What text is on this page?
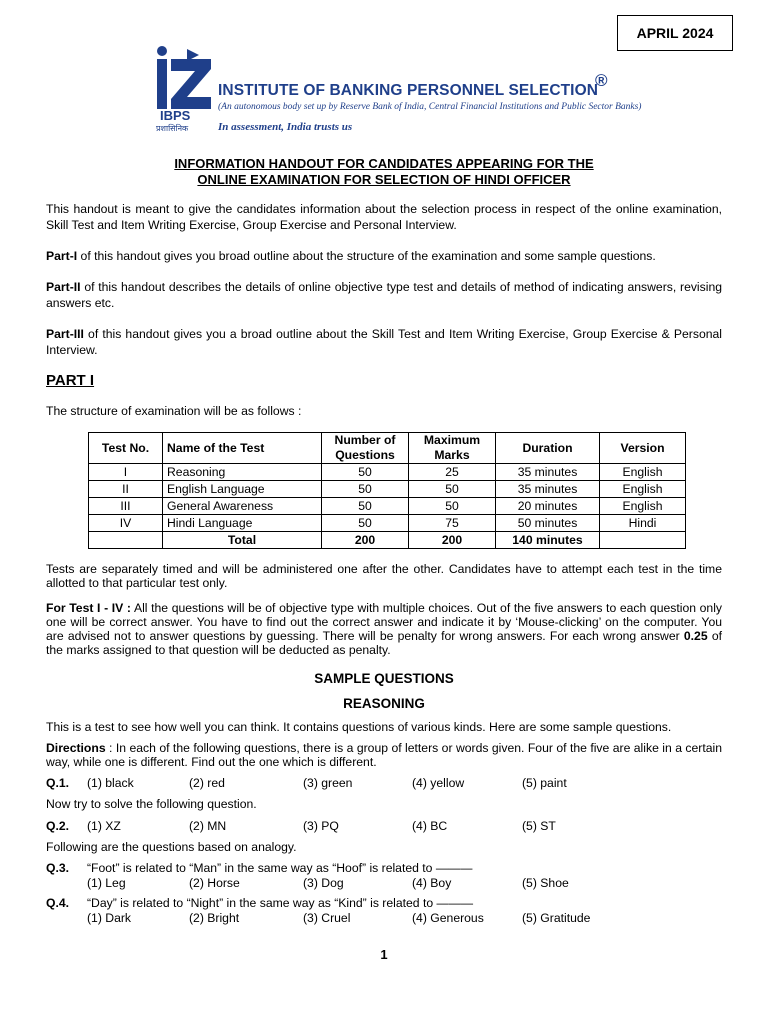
APRIL 2024
IBPS
प्रशासिनिक
INSTITUTE OF BANKING PERSONNEL SELECTION
®
(An autonomous body set up by Reserve Bank of India, Central Financial Institutions and Public Sector Banks)
In assessment, India trusts us
INFORMATION HANDOUT FOR CANDIDATES APPEARING FOR THE
ONLINE EXAMINATION FOR SELECTION OF HINDI OFFICER
This handout is meant to give the candidates information about the selection process in respect of the online examination, Skill Test and Item Writing Exercise, Group Exercise and Personal Interview.
Part-I of this handout gives you broad outline about the structure of the examination and some sample questions.
Part-II of this handout describes the details of online objective type test and details of method of indicating answers, revising answers etc.
Part-III of this handout gives you a broad outline about the Skill Test and Item Writing Exercise, Group Exercise & Personal Interview.
PART I
The structure of examination will be as follows :
Test No.	Name of the Test	Number of Questions	Maximum Marks	Duration	Version
I	Reasoning	50	25	35 minutes	English
II	English Language	50	50	35 minutes	English
III	General Awareness	50	50	20 minutes	English
IV	Hindi Language	50	75	50 minutes	Hindi
	Total	200	200	140 minutes	
Tests are separately timed and will be administered one after the other. Candidates have to attempt each test in the time allotted to that particular test only.
For Test I - IV : All the questions will be of objective type with multiple choices. Out of the five answers to each question only one will be correct answer. You have to find out the correct answer and indicate it by ‘Mouse-clicking’ on the computer. You are advised not to answer questions by guessing. There will be penalty for wrong answers. For each wrong answer 0.25 of the marks assigned to that question will be deducted as penalty.
SAMPLE QUESTIONS
REASONING
This is a test to see how well you can think. It contains questions of various kinds. Here are some sample questions.
Directions : In each of the following questions, there is a group of letters or words given. Four of the five are alike in a certain way, while one is different. Find out the one which is different.
Q.1. (1) black	(2) red	(3) green	(4) yellow	(5) paint
Now try to solve the following question.
Q.2. (1) XZ	(2) MN	(3) PQ	(4) BC	(5) ST
Following are the questions based on analogy.
Q.3. “Foot” is related to “Man” in the same way as “Hoof” is related to ———
(1) Leg	(2) Horse	(3) Dog	(4) Boy	(5) Shoe
Q.4. “Day” is related to “Night” in the same way as “Kind” is related to ———
(1) Dark	(2) Bright	(3) Cruel	(4) Generous	(5) Gratitude
1
